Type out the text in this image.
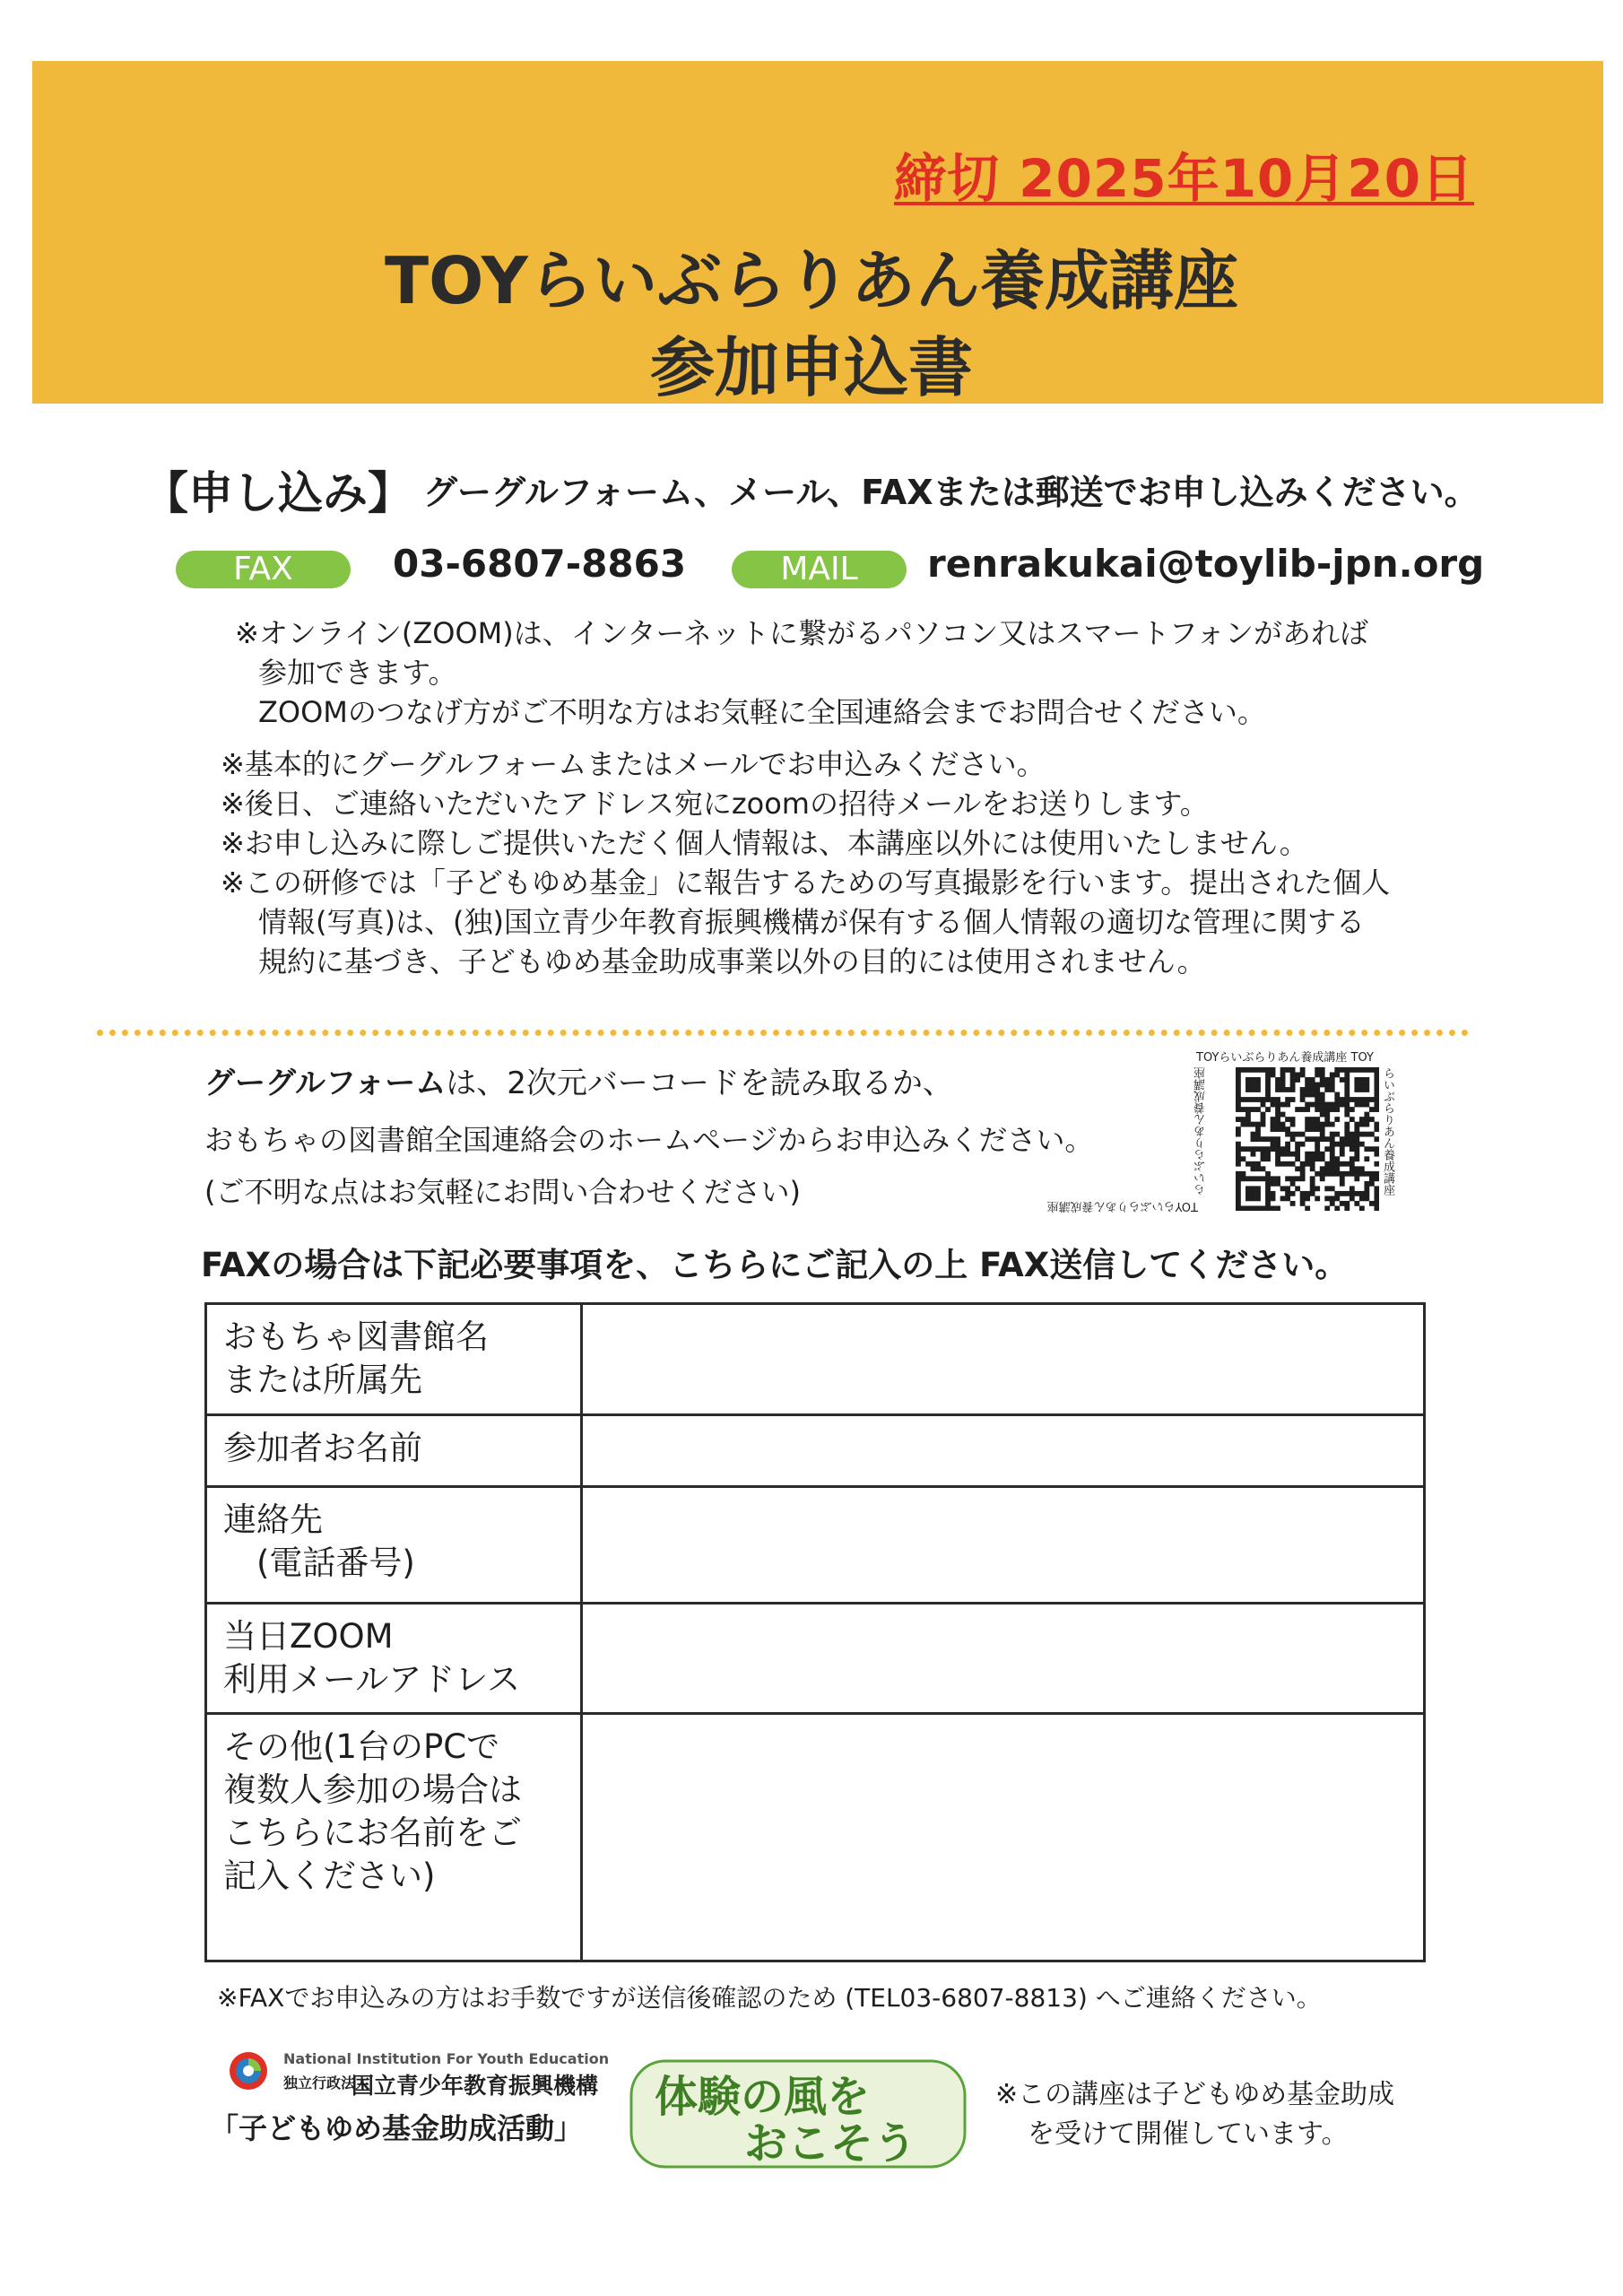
締切 2025年10月20日
TOYらいぶらりあん養成講座
参加申込書
【申し込み】 グーグルフォーム、メール、FAXまたは郵送でお申し込みください。
FAX	03-6807-8863	MAIL	renrakukai@toylib-jpn.org
※オンライン(ZOOM)は、インターネットに繋がるパソコン又はスマートフォンがあれば
参加できます。
ZOOMのつなげ方がご不明な方はお気軽に全国連絡会までお問合せください。
※基本的にグーグルフォームまたはメールでお申込みください。
※後日、ご連絡いただいたアドレス宛にzoomの招待メールをお送りします。
※お申し込みに際しご提供いただく個人情報は、本講座以外には使用いたしません。
※この研修では「子どもゆめ基金」に報告するための写真撮影を行います。提出された個人
情報(写真)は、(独)国立青少年教育振興機構が保有する個人情報の適切な管理に関する
規約に基づき、子どもゆめ基金助成事業以外の目的には使用されません。
グーグルフォームは、2次元バーコードを読み取るか、
おもちゃの図書館全国連絡会のホームページからお申込みください。
(ご不明な点はお気軽にお問い合わせください)
TOYらいぶらりあん養成講座 TOY
らいぶらりあん養成講座	らいぶらりあん養成講座
TOYらいぶらりあん養成講座
FAXの場合は下記必要事項を、こちらにご記入の上 FAX送信してください。
おもちゃ図書館名
または所属先	

参加者お名前	

連絡先
　(電話番号)	

当日ZOOM
利用メールアドレス	

その他(1台のPCで
複数人参加の場合は
こちらにお名前をご
記入ください)	

※FAXでお申込みの方はお手数ですが送信後確認のため (TEL03-6807-8813) へご連絡ください。
National Institution For Youth Education
独立行政法人
国立青少年教育振興機構
「子どもゆめ基金助成活動」
体験の風を
おこそう
※この講座は子どもゆめ基金助成
を受けて開催しています。
